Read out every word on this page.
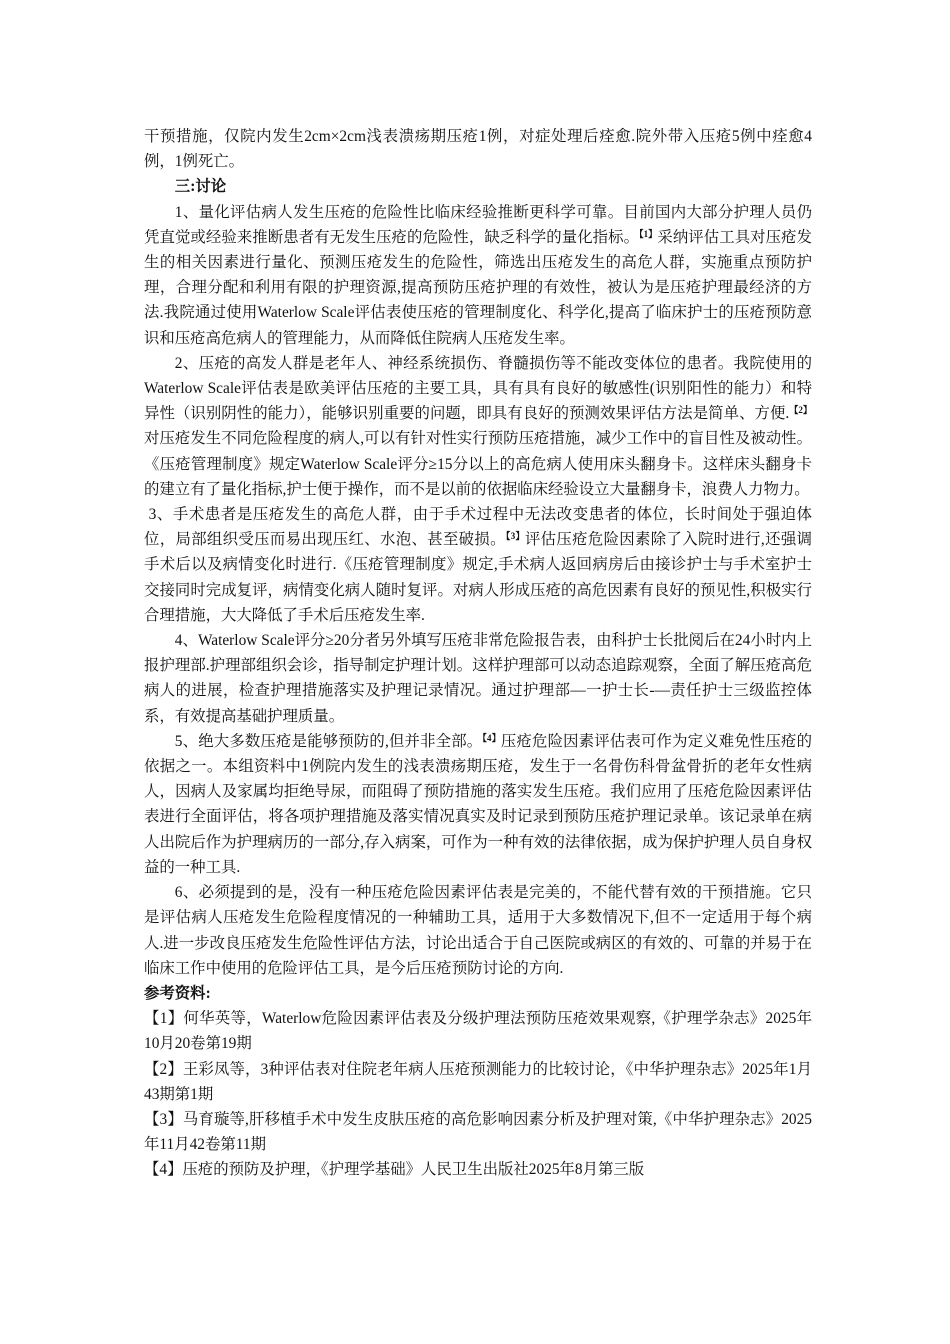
干预措施，仅院内发生2cm×2cm浅表溃疡期压疮1例，对症处理后痊愈.院外带入压疮5例中痊愈4例，1例死亡。

三:讨论

1、量化评估病人发生压疮的危险性比临床经验推断更科学可靠。目前国内大部分护理人员仍凭直觉或经验来推断患者有无发生压疮的危险性，缺乏科学的量化指标。$^{【1】}$采纳评估工具对压疮发生的相关因素进行量化、预测压疮发生的危险性，筛选出压疮发生的高危人群，实施重点预防护理，合理分配和利用有限的护理资源,提高预防压疮护理的有效性，被认为是压疮护理最经济的方法.我院通过使用Waterlow Scale评估表使压疮的管理制度化、科学化,提高了临床护士的压疮预防意识和压疮高危病人的管理能力，从而降低住院病人压疮发生率。

2、压疮的高发人群是老年人、神经系统损伤、脊髓损伤等不能改变体位的患者。我院使用的Waterlow Scale评估表是欧美评估压疮的主要工具，具有具有良好的敏感性(识别阳性的能力）和特异性（识别阴性的能力），能够识别重要的问题，即具有良好的预测效果评估方法是简单、方便.$^{【2】}$对压疮发生不同危险程度的病人,可以有针对性实行预防压疮措施，减少工作中的盲目性及被动性。《压疮管理制度》规定Waterlow Scale评分≥15分以上的高危病人使用床头翻身卡。这样床头翻身卡的建立有了量化指标,护士便于操作，而不是以前的依据临床经验设立大量翻身卡，浪费人力物力。

3、手术患者是压疮发生的高危人群，由于手术过程中无法改变患者的体位，长时间处于强迫体位，局部组织受压而易出现压红、水泡、甚至破损。$^{【3】}$评估压疮危险因素除了入院时进行,还强调手术后以及病情变化时进行.《压疮管理制度》规定,手术病人返回病房后由接诊护士与手术室护士交接同时完成复评，病情变化病人随时复评。对病人形成压疮的高危因素有良好的预见性,积极实行合理措施，大大降低了手术后压疮发生率.

4、Waterlow Scale评分≥20分者另外填写压疮非常危险报告表，由科护士长批阅后在24小时内上报护理部.护理部组织会诊，指导制定护理计划。这样护理部可以动态追踪观察，全面了解压疮高危病人的进展，检查护理措施落实及护理记录情况。通过护理部—一护士长-—责任护士三级监控体系，有效提高基础护理质量。

5、绝大多数压疮是能够预防的,但并非全部。$^{【4】}$压疮危险因素评估表可作为定义难免性压疮的依据之一。本组资料中1例院内发生的浅表溃疡期压疮，发生于一名骨伤科骨盆骨折的老年女性病人，因病人及家属均拒绝导尿，而阻碍了预防措施的落实发生压疮。我们应用了压疮危险因素评估表进行全面评估，将各项护理措施及落实情况真实及时记录到预防压疮护理记录单。该记录单在病人出院后作为护理病历的一部分,存入病案，可作为一种有效的法律依据，成为保护护理人员自身权益的一种工具.

6、必须提到的是，没有一种压疮危险因素评估表是完美的，不能代替有效的干预措施。它只是评估病人压疮发生危险程度情况的一种辅助工具，适用于大多数情况下,但不一定适用于每个病人.进一步改良压疮发生危险性评估方法，讨论出适合于自己医院或病区的有效的、可靠的并易于在临床工作中使用的危险评估工具，是今后压疮预防讨论的方向.

参考资料:

【1】何华英等，Waterlow危险因素评估表及分级护理法预防压疮效果观察,《护理学杂志》2025年10月20卷第19期

【2】王彩凤等，3种评估表对住院老年病人压疮预测能力的比较讨论，《中华护理杂志》2025年1月43期第1期

【3】马育璇等,肝移植手术中发生皮肤压疮的高危影响因素分析及护理对策,《中华护理杂志》2025年11月42卷第11期

【4】压疮的预防及护理，《护理学基础》人民卫生出版社2025年8月第三版
